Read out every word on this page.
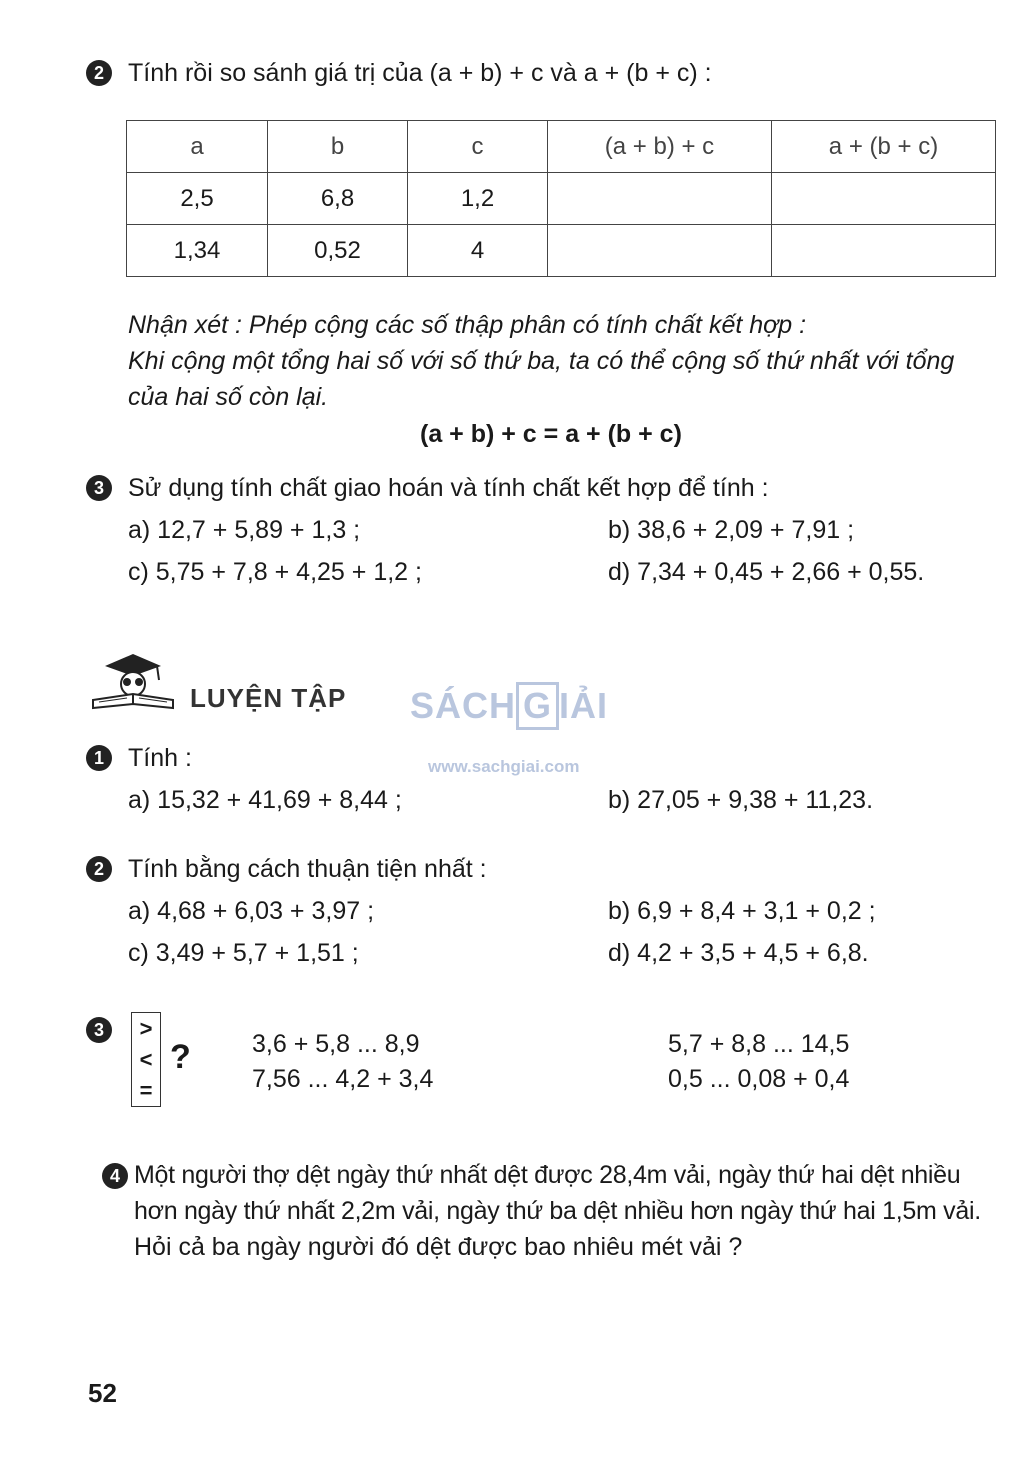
2 Tính rồi so sánh giá trị của (a + b) + c và a + (b + c) :
a	b	c	(a + b) + c	a + (b + c)
2,5	6,8	1,2		
1,34	0,52	4		
Nhận xét : Phép cộng các số thập phân có tính chất kết hợp :
Khi cộng một tổng hai số với số thứ ba, ta có thể cộng số thứ nhất với tổng
của hai số còn lại.
(a + b) + c = a + (b + c)
3 Sử dụng tính chất giao hoán và tính chất kết hợp để tính :
a) 12,7 + 5,89 + 1,3 ;	b) 38,6 + 2,09 + 7,91 ;
c) 5,75 + 7,8 + 4,25 + 1,2 ;	d) 7,34 + 0,45 + 2,66 + 0,55.
LUYỆN TẬP SÁCH G IẢI
www.sachgiai.com
1 Tính :
a) 15,32 + 41,69 + 8,44 ;	b) 27,05 + 9,38 + 11,23.
2 Tính bằng cách thuận tiện nhất :
a) 4,68 + 6,03 + 3,97 ;	b) 6,9 + 8,4 + 3,1 + 0,2 ;
c) 3,49 + 5,7 + 1,51 ;	d) 4,2 + 3,5 + 4,5 + 6,8.
3	>
<
=
? 3,6 + 5,8 ... 8,9
7,56 ... 4,2 + 3,4
5,7 + 8,8 ... 14,5
0,5 ... 0,08 + 0,4
4 Một người thợ dệt ngày thứ nhất dệt được 28,4m vải, ngày thứ hai dệt nhiều
hơn ngày thứ nhất 2,2m vải, ngày thứ ba dệt nhiều hơn ngày thứ hai 1,5m vải.
Hỏi cả ba ngày người đó dệt được bao nhiêu mét vải ?
52
